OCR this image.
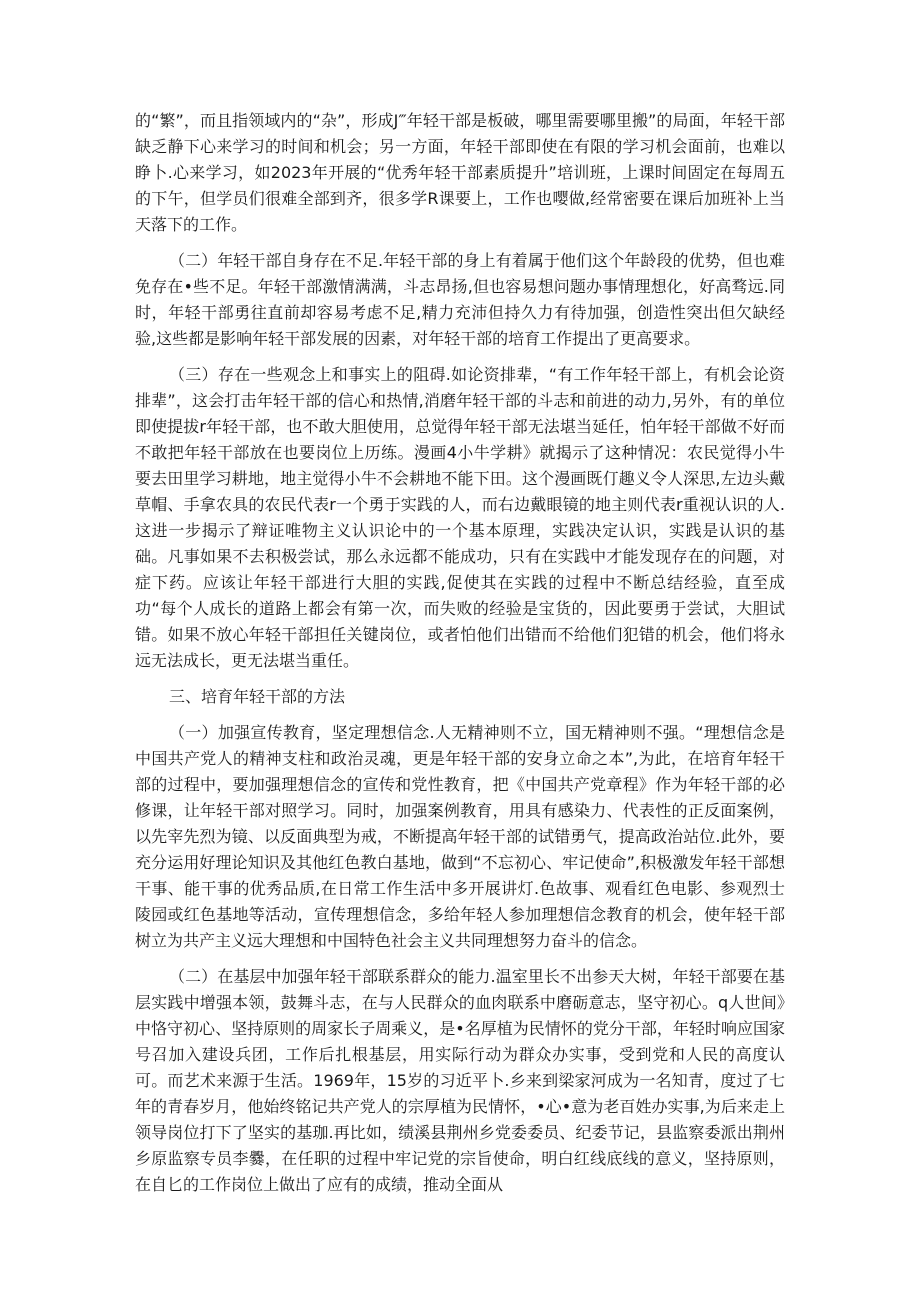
的“繁”，而且指领域内的“杂”，形成J‴年轻干部是板破，哪里需要哪里搬”的局面，年轻干部缺乏静下心来学习的时间和机会；另一方面，年轻干部即使在有限的学习机会面前，也难以睁卜.心来学习，如2023年开展的“优秀年轻干部素质提升”培训班，上课时间固定在每周五的下午，但学员们很难全部到齐，很多学R课要上，工作也嘤做,经常密要在课后加班补上当天落下的工作。

（二）年轻干部自身存在不足.年轻干部的身上有着属于他们这个年龄段的优势，但也难免存在•些不足。年轻干部激情满满，斗志昂扬,但也容易想问题办事情理想化，好高骛远.同时，年轻干部勇往直前却容易考虑不足,精力充沛但持久力有待加强，创造性突出但欠缺经验,这些都是影响年轻干部发展的因素，对年轻干部的培育工作提出了更高要求。

（三）存在一些观念上和事实上的阻碍.如论资排辈，“有工作年轻干部上，有机会论资排辈”，这会打击年轻干部的信心和热情,消磨年轻干部的斗志和前进的动力,另外，有的单位即使提拔r年轻干部，也不敢大胆使用，总觉得年轻干部无法堪当延任，怕年轻干部做不好而不敢把年轻干部放在也要岗位上历练。漫画4小牛学耕》就揭示了这种情况：农民觉得小牛要去田里学习耕地，地主觉得小牛不会耕地不能下田。这个漫画既仃趣义令人深思,左边头戴草帽、手拿农具的农民代表r一个勇于实践的人，而右边戴眼镜的地主则代表r重视认识的人.这进一步揭示了辩证唯物主义认识论中的一个基本原理，实践决定认识，实践是认识的基础。凡事如果不去积极尝试，那么永远都不能成功，只有在实践中才能发现存在的问题，对症下药。应该让年轻干部进行大胆的实践,促使其在实践的过程中不断总结经验，直至成功“每个人成长的道路上都会有第一次，而失败的经验是宝货的，因此要勇于尝试，大胆试错。如果不放心年轻干部担任关键岗位，或者怕他们出错而不给他们犯错的机会，他们将永远无法成长，更无法堪当重任。

三、培育年轻干部的方法

（一）加强宣传教育，坚定理想信念.人无精神则不立，国无精神则不强。“理想信念是中国共产党人的精神支柱和政治灵魂，更是年轻干部的安身立命之本”,为此，在培育年轻干部的过程中，要加强理想信念的宣传和党性教育，把《中国共产党章程》作为年轻干部的必修课，让年轻干部对照学习。同时，加强案例教育，用具有感染力、代表性的正反面案例，以先宰先烈为镜、以反面典型为戒，不断提高年轻干部的试错勇气，提高政治站位.此外，要充分运用好理论知识及其他红色教白基地，做到“不忘初心、牢记使命”,积极激发年轻干部想干事、能干事的优秀品质,在日常工作生活中多开展讲灯.色故事、观看红色电影、参观烈士陵园或红色基地等活动，宣传理想信念，多给年轻人参加理想信念教育的机会，使年轻干部树立为共产主义远大理想和中国特色社会主义共同理想努力奋斗的信念。

（二）在基层中加强年轻干部联系群众的能力.温室里长不出参天大树，年轻干部要在基层实践中增强本领，鼓舞斗志，在与人民群众的血肉联系中磨砺意志，坚守初心。q人世间》中恪守初心、坚持原则的周家长子周乘义，是•名厚植为民情怀的党分干部，年轻时响应国家号召加入建设兵团，工作后扎根基层，用实际行动为群众办实事，受到党和人民的高度认可。而艺术来源于生活。1969年，15岁的习近平卜.乡来到梁家河成为一名知青，度过了七年的青春岁月，他始终铭记共产党人的宗厚植为民情怀，•心•意为老百姓办实事,为后来走上领导岗位打下了坚实的基珈.再比如，绩溪县荆州乡党委委员、纪委节记，县监察委派出荆州乡原监察专员李爨，在任职的过程中牢记党的宗旨使命，明白红线底线的意义，坚持原则，在自匕的工作岗位上做出了应有的成绩，推动全面从
